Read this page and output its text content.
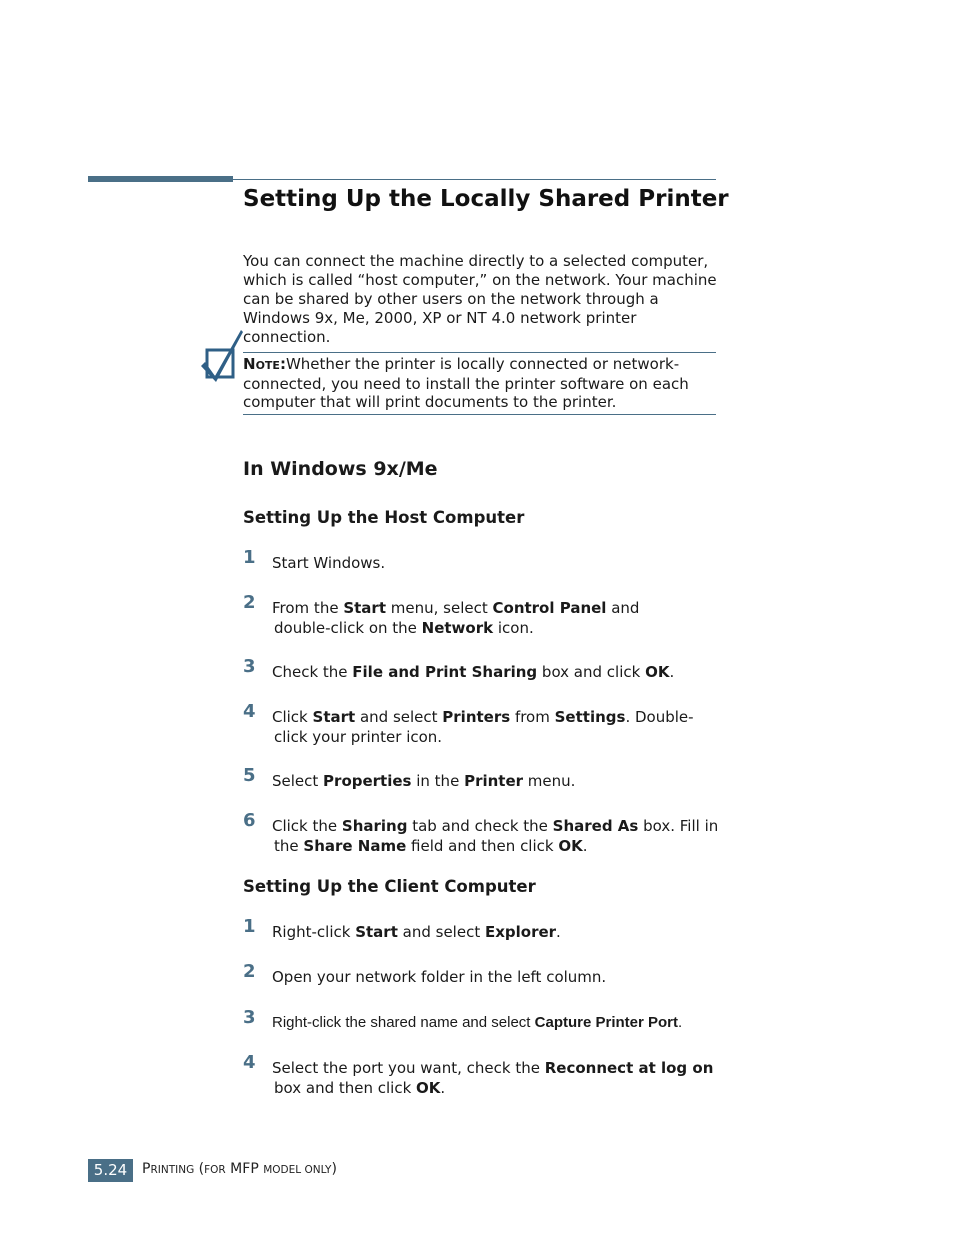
Setting Up the Locally Shared Printer

You can connect the machine directly to a selected computer, which is called “host computer,” on the network. Your machine can be shared by other users on the network through a Windows 9x, Me, 2000, XP or NT 4.0 network printer connection.

NOTE:Whether the printer is locally connected or network-connected, you need to install the printer software on each computer that will print documents to the printer.

In Windows 9x/Me
Setting Up the Host Computer
1 Start Windows.

2 From the Start menu, select Control Panel and
double-click on the Network icon.

3 Check the File and Print Sharing box and click OK.

4 Click Start and select Printers from Settings. Double-
click your printer icon.

5 Select Properties in the Printer menu.

6 Click the Sharing tab and check the Shared As box. Fill in
the Share Name field and then click OK.

Setting Up the Client Computer
1 Right-click Start and select Explorer.

2 Open your network folder in the left column.

3 Right-click the shared name and select Capture Printer Port.

4 Select the port you want, check the Reconnect at log on
box and then click OK.

5.24	PRINTING (FOR MFP MODEL ONLY)
